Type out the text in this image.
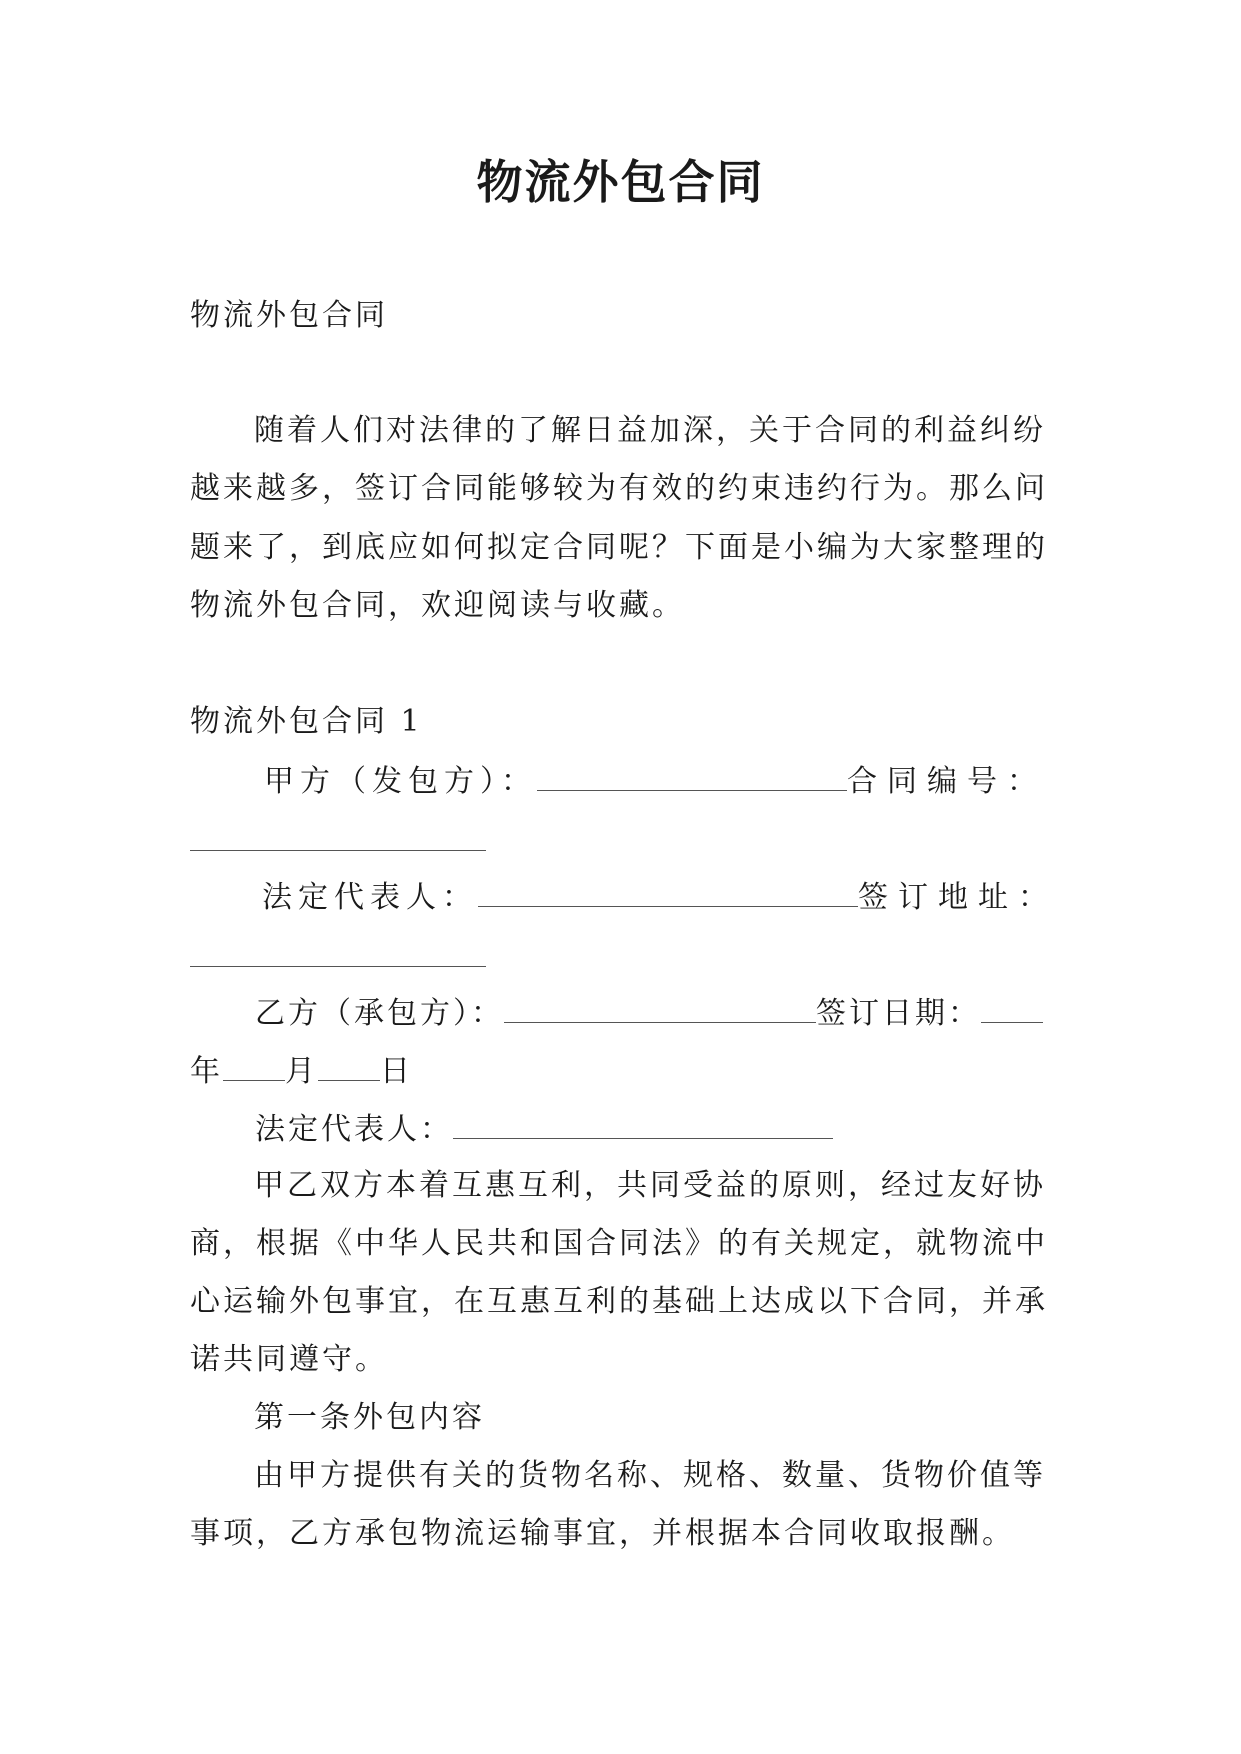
物流外包合同
物流外包合同
随着人们对法律的了解日益加深，关于合同的利益纠纷
越来越多，签订合同能够较为有效的约束违约行为。那么问
题来了，到底应如何拟定合同呢？下面是小编为大家整理的
物流外包合同，欢迎阅读与收藏。
物流外包合同 1
甲方（发包方）：	合同编号：
法定代表人：	签订地址：
乙方（承包方）：	签订日期：
年 月 日
法定代表人：
甲乙双方本着互惠互利，共同受益的原则，经过友好协
商，根据《中华人民共和国合同法》的有关规定，就物流中
心运输外包事宜，在互惠互利的基础上达成以下合同，并承
诺共同遵守。
第一条外包内容
由甲方提供有关的货物名称、规格、数量、货物价值等
事项，乙方承包物流运输事宜，并根据本合同收取报酬。
